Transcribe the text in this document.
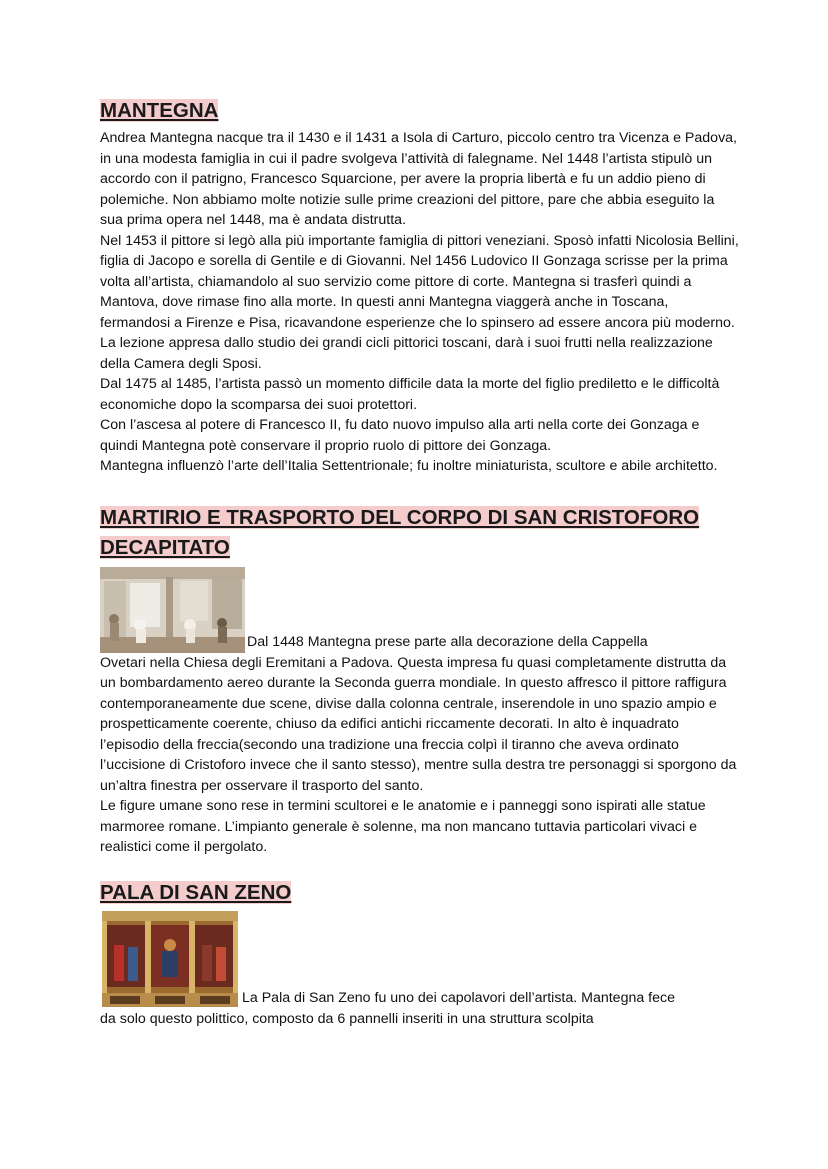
MANTEGNA

Andrea Mantegna nacque tra il 1430 e il 1431 a Isola di Carturo, piccolo centro tra Vicenza e Padova, in una modesta famiglia in cui il padre svolgeva l’attività di falegname. Nel 1448 l’artista stipulò un accordo con il patrigno, Francesco Squarcione, per avere la propria libertà e fu un addio pieno di polemiche. Non abbiamo molte notizie sulle prime creazioni del pittore, pare che abbia eseguito la sua prima opera nel 1448, ma è andata distrutta.

Nel 1453 il pittore si legò alla più importante famiglia di pittori veneziani. Sposò infatti Nicolosia Bellini, figlia di Jacopo e sorella di Gentile e di Giovanni. Nel 1456 Ludovico II Gonzaga scrisse per la prima volta all’artista, chiamandolo al suo servizio come pittore di corte. Mantegna si trasferì quindi a Mantova, dove rimase fino alla morte. In questi anni Mantegna viaggerà anche in Toscana, fermandosi a Firenze e Pisa, ricavandone esperienze che lo spinsero ad essere ancora più moderno. La lezione appresa dallo studio dei grandi cicli pittorici toscani, darà i suoi frutti nella realizzazione della Camera degli Sposi.

Dal 1475 al 1485, l’artista passò un momento difficile data la morte del figlio prediletto e le difficoltà economiche dopo la scomparsa dei suoi protettori.

Con l’ascesa al potere di Francesco II, fu dato nuovo impulso alla arti nella corte dei Gonzaga e quindi Mantegna potè conservare il proprio ruolo di pittore dei Gonzaga.

Mantegna influenzò l’arte dell’Italia Settentrionale; fu inoltre miniaturista, scultore e abile architetto.

MARTIRIO E TRASPORTO DEL CORPO DI SAN CRISTOFORO DECAPITATO

Dal 1448 Mantegna prese parte alla decorazione della Cappella

Ovetari nella Chiesa degli Eremitani a Padova. Questa impresa fu quasi completamente distrutta da un bombardamento aereo durante la Seconda guerra mondiale. In questo affresco il pittore raffigura contemporaneamente due scene, divise dalla colonna centrale, inserendole in uno spazio ampio e prospetticamente coerente, chiuso da edifici antichi riccamente decorati. In alto è inquadrato l’episodio della freccia(secondo una tradizione una freccia colpì il tiranno che aveva ordinato l’uccisione di Cristoforo invece che il santo stesso), mentre sulla destra tre personaggi si sporgono da un’altra finestra per osservare il trasporto del santo.

Le figure umane sono rese in termini scultorei e le anatomie e i panneggi sono ispirati alle statue marmoree romane. L’impianto generale è solenne, ma non mancano tuttavia particolari vivaci e realistici come il pergolato.

PALA DI SAN ZENO

La Pala di San Zeno fu uno dei capolavori dell’artista. Mantegna fece

da solo questo polittico, composto da 6 pannelli inseriti in una struttura scolpita
